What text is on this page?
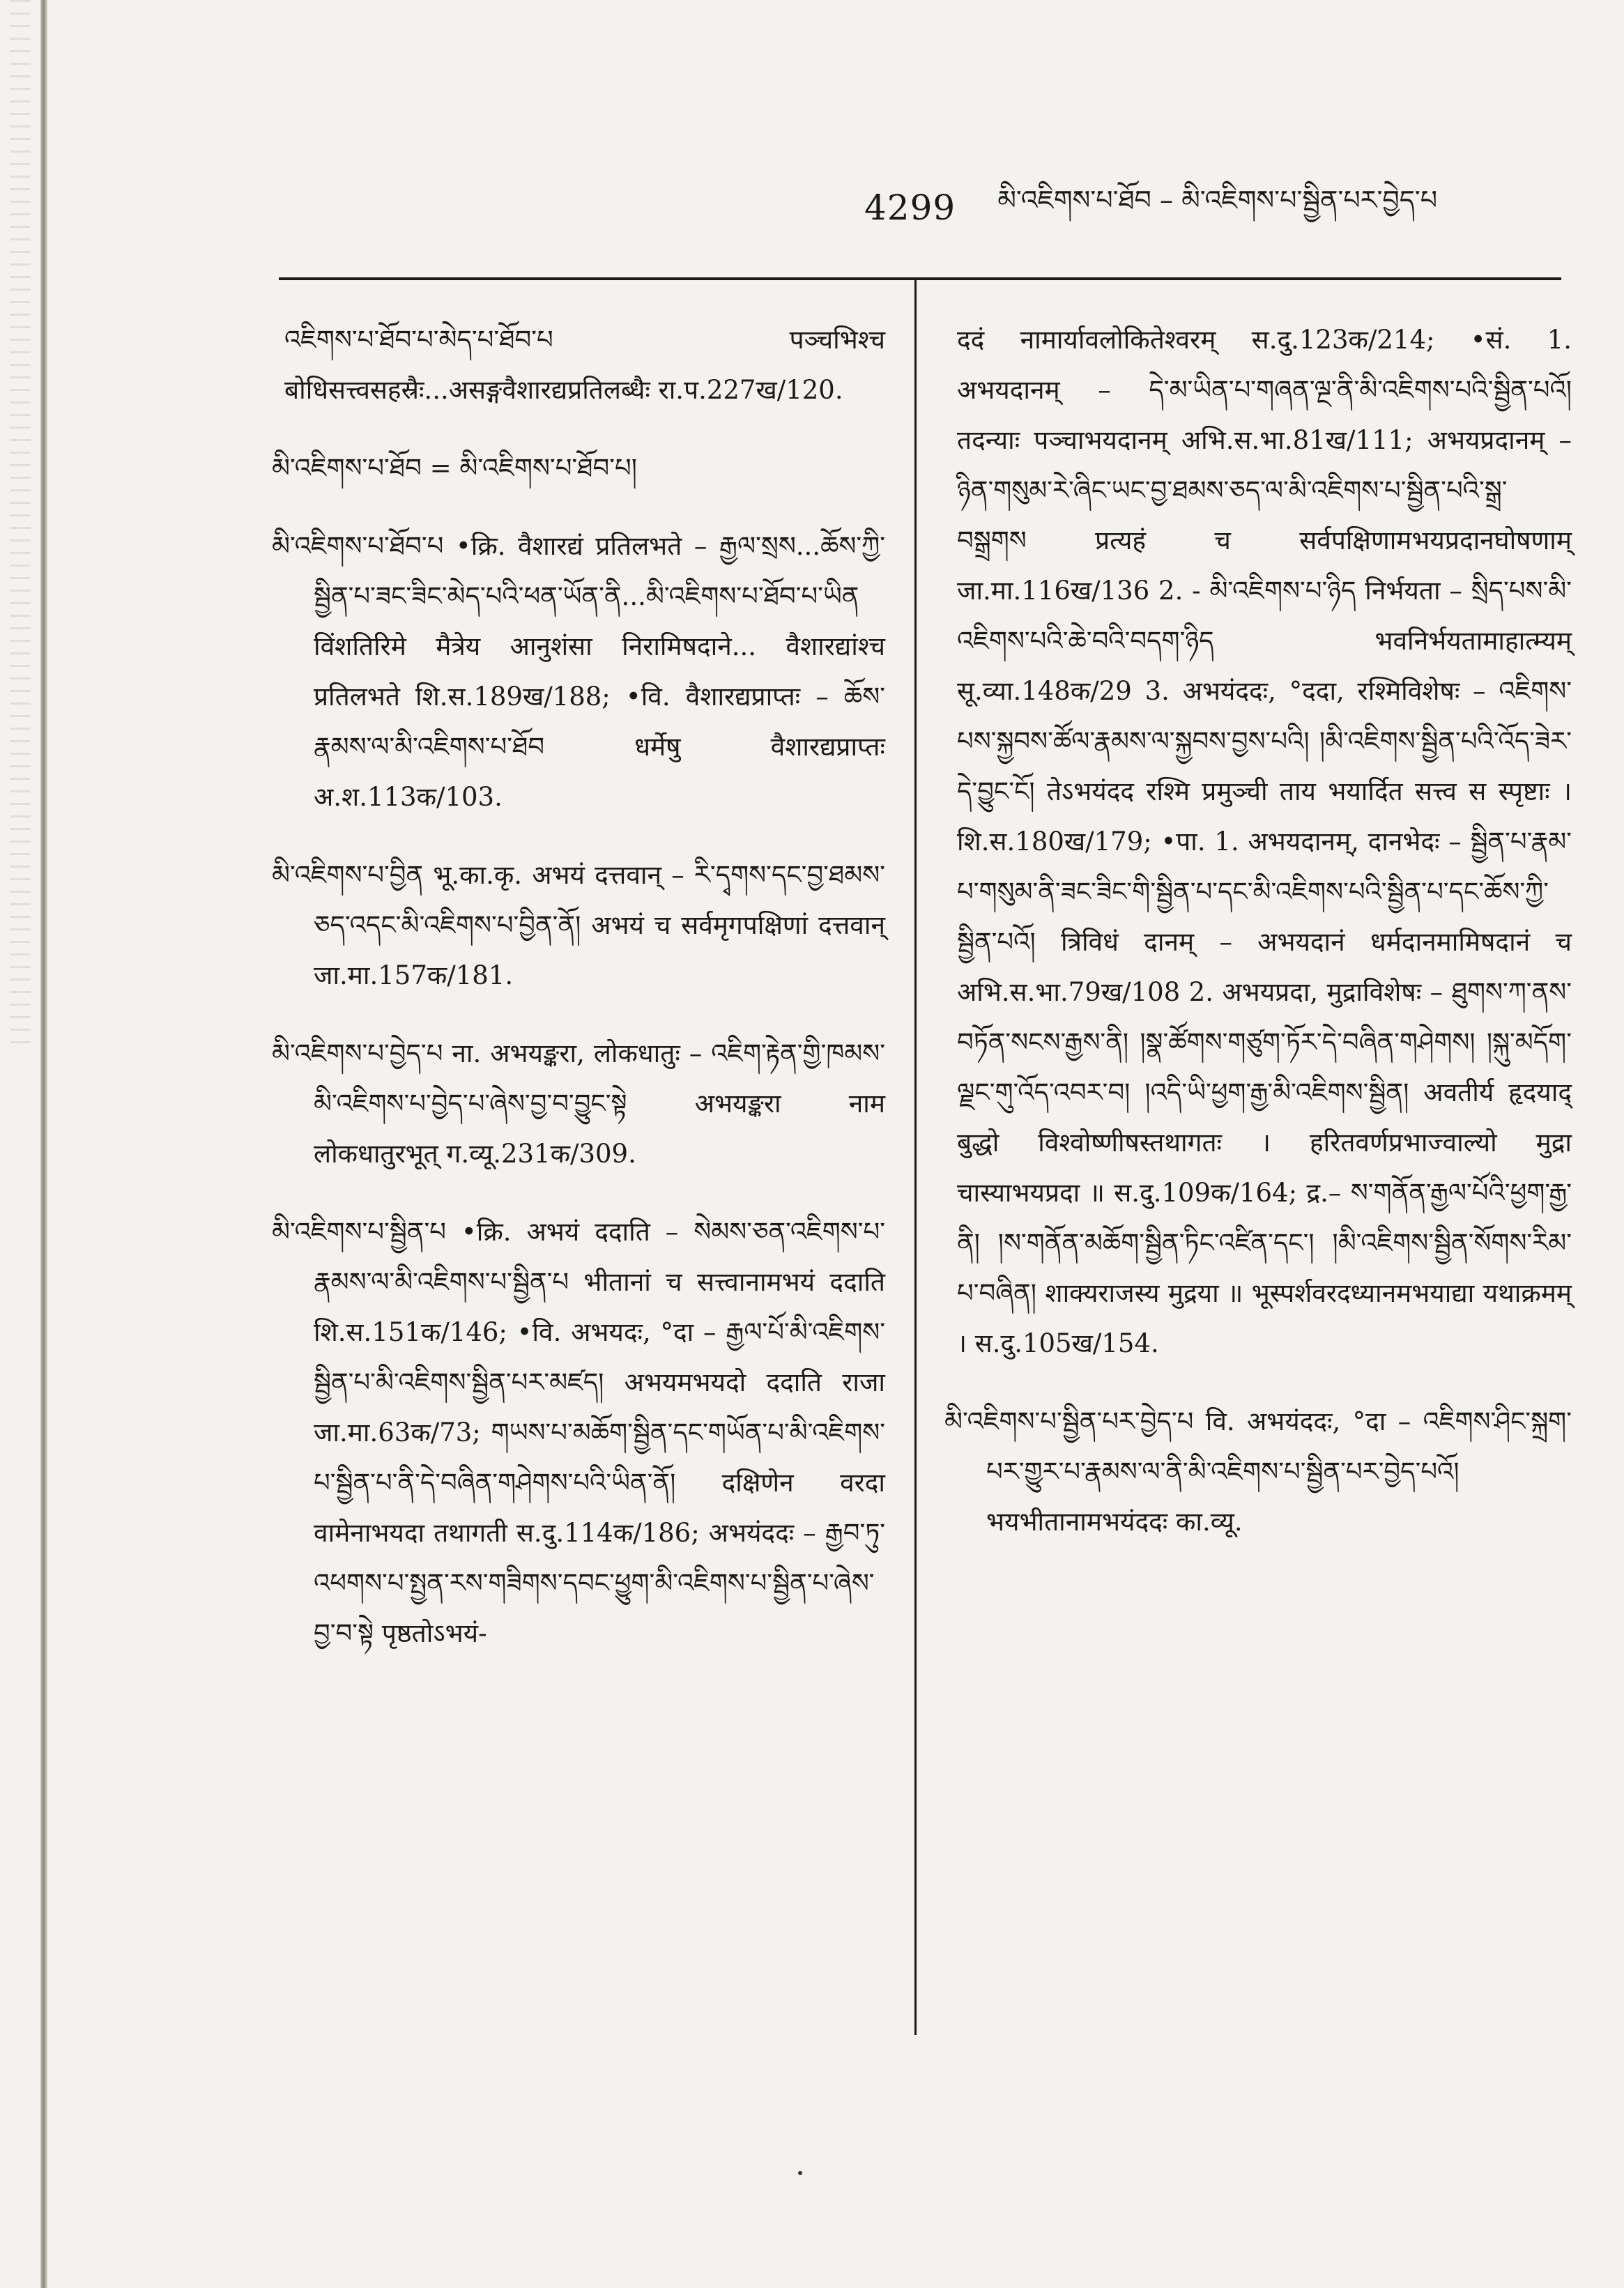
4299 མི་འཇིགས་པ་ཐོབ – མི་འཇིགས་པ་སྦྱིན་པར་བྱེད་པ

འཇིགས་པ་ཐོབ་པ་མེད་པ་ཐོབ་པ पञ्चभिश्च बोधिसत्त्वसहस्रैः...असङ्गवैशारद्यप्रतिलब्धैः रा.प.227ख/120.

མི་འཇིགས་པ་ཐོབ = མི་འཇིགས་པ་ཐོབ་པ།

མི་འཇིགས་པ་ཐོབ་པ •क्रि. वैशारद्यं प्रतिलभते – རྒྱལ་སྲས...ཆོས་ཀྱི་སྦྱིན་པ་ཟང་ཟིང་མེད་པའི་ཕན་ཡོན་ནི...མི་འཇིགས་པ་ཐོབ་པ་ཡིན विंशतिरिमे मैत्रेय आनुशंसा निरामिषदाने... वैशारद्यांश्च प्रतिलभते शि.स.189ख/188; •वि. वैशारद्यप्राप्तः – ཆོས་རྣམས་ལ་མི་འཇིགས་པ་ཐོབ धर्मेषु वैशारद्यप्राप्तः अ.श.113क/103.

མི་འཇིགས་པ་བྱིན भू.का.कृ. अभयं दत्तवान् – རི་དྭགས་དང་བྱ་ཐམས་ཅད་འདང་མི་འཇིགས་པ་བྱིན་ནོ། अभयं च सर्वमृगपक्षिणां दत्तवान् जा.मा.157क/181.

མི་འཇིགས་པ་བྱེད་པ ना. अभयङ्करा, लोकधातुः – འཇིག་རྟེན་གྱི་ཁམས་མི་འཇིགས་པ་བྱེད་པ་ཞེས་བྱ་བ་བྱུང་སྟེ अभयङ्करा नाम लोकधातुरभूत् ग.व्यू.231क/309.

མི་འཇིགས་པ་སྦྱིན་པ •क्रि. अभयं ददाति – སེམས་ཅན་འཇིགས་པ་རྣམས་ལ་མི་འཇིགས་པ་སྦྱིན་པ भीतानां च सत्त्वानामभयं ददाति शि.स.151क/146; •वि. अभयदः, °दा – རྒྱལ་པོ་མི་འཇིགས་སྦྱིན་པ་མི་འཇིགས་སྦྱིན་པར་མཛད། अभयमभयदो ददाति राजा जा.मा.63क/73; གཡས་པ་མཆོག་སྦྱིན་དང་གཡོན་པ་མི་འཇིགས་པ་སྦྱིན་པ་ནི་དེ་བཞིན་གཤེགས་པའི་ཡིན་ནོ། दक्षिणेन वरदा वामेनाभयदा तथागती स.दु.114क/186; अभयंददः – རྒྱབ་ཏུ་འཕགས་པ་སྤྱན་རས་གཟིགས་དབང་ཕྱུག་མི་འཇིགས་པ་སྦྱིན་པ་ཞེས་བྱ་བ་སྟེ पृष्ठतोऽभयं-

ददं नामार्यावलोकितेश्वरम् स.दु.123क/214; •सं. 1. अभयदानम् – དེ་མ་ཡིན་པ་གཞན་ལྔ་ནི་མི་འཇིགས་པའི་སྦྱིན་པའོ། तदन्याः पञ्चाभयदानम् अभि.स.भा.81ख/111; अभयप्रदानम् – ཉིན་གསུམ་རེ་ཞིང་ཡང་བྱ་ཐམས་ཅད་ལ་མི་འཇིགས་པ་སྦྱིན་པའི་སྒྲ་བསྒྲགས प्रत्यहं च सर्वपक्षिणामभयप्रदानघोषणाम् जा.मा.116ख/136 2. - མི་འཇིགས་པ་ཉིད निर्भयता – སྲིད་པས་མི་འཇིགས་པའི་ཆེ་བའི་བདག་ཉིད भवनिर्भयतामाहात्म्यम् सू.व्या.148क/29 3. अभयंददः, °ददा, रश्मिविशेषः – འཇིགས་པས་སྐྱབས་ཚོལ་རྣམས་ལ་སྐྱབས་བྱས་པའི། །མི་འཇིགས་སྦྱིན་པའི་འོད་ཟེར་དེ་བྱུང་ངོ། तेऽभयंदद रश्मि प्रमुञ्ची ताय भयार्दित सत्त्व स स्पृष्टाः । शि.स.180ख/179; •पा. 1. अभयदानम्, दानभेदः – སྦྱིན་པ་རྣམ་པ་གསུམ་ནི་ཟང་ཟིང་གི་སྦྱིན་པ་དང་མི་འཇིགས་པའི་སྦྱིན་པ་དང་ཆོས་ཀྱི་སྦྱིན་པའོ། त्रिविधं दानम् – अभयदानं धर्मदानमामिषदानं च अभि.स.भा.79ख/108 2. अभयप्रदा, मुद्राविशेषः – ཐུགས་ཀ་ནས་བཏོན་སངས་རྒྱས་ནི། །སྣ་ཚོགས་གཙུག་ཏོར་དེ་བཞིན་གཤེགས། །སྐུ་མདོག་ལྗང་གུ་འོད་འབར་བ། །འདི་ཡི་ཕྱག་རྒྱ་མི་འཇིགས་སྦྱིན། अवतीर्य हृदयाद् बुद्धो विश्वोष्णीषस्तथागतः । हरितवर्णप्रभाज्वाल्यो मुद्रा चास्याभयप्रदा ॥ स.दु.109क/164; द्र.– ས་གནོན་རྒྱལ་པོའི་ཕྱག་རྒྱ་ནི། །ས་གནོན་མཆོག་སྦྱིན་ཏིང་འཛིན་དང་། །མི་འཇིགས་སྦྱིན་སོགས་རིམ་པ་བཞིན། शाक्यराजस्य मुद्रया ॥ भूस्पर्शवरदध्यानमभयाद्या यथाक्रमम् । स.दु.105ख/154.

མི་འཇིགས་པ་སྦྱིན་པར་བྱེད་པ वि. अभयंददः, °दा – འཇིགས་ཤིང་སྐྲག་པར་གྱུར་པ་རྣམས་ལ་ནི་མི་འཇིགས་པ་སྦྱིན་པར་བྱེད་པའོ། भयभीतानामभयंददः का.व्यू.
